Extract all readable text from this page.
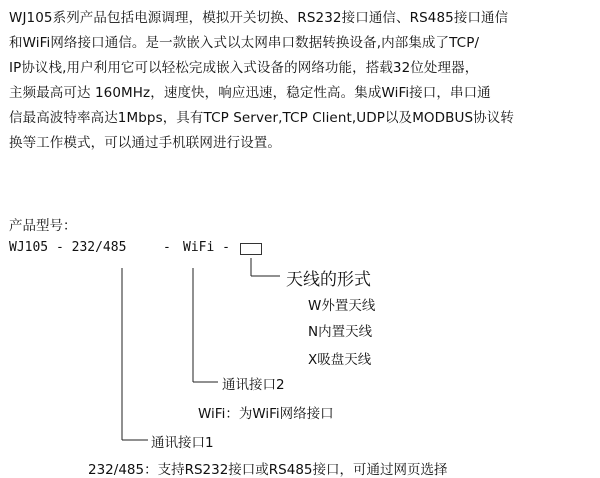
WJ105系列产品包括电源调理，模拟开关切换、RS232接口通信、RS485接口通信
和WiFi网络接口通信。是一款嵌入式以太网串口数据转换设备,内部集成了TCP/
IP协议栈,用户利用它可以轻松完成嵌入式设备的网络功能，搭载32位处理器，
主频最高可达 160MHz，速度快，响应迅速，稳定性高。集成WiFi接口，串口通
信最高波特率高达1Mbps，具有TCP Server,TCP Client,UDP以及MODBUS协议转
换等工作模式，可以通过手机联网进行设置。
产品型号：
WJ105 - 232/485	- WiFi -
天线的形式
W外置天线
N内置天线
X吸盘天线
通讯接口2
WiFi：为WiFi网络接口
通讯接口1
232/485：支持RS232接口或RS485接口，可通过网页选择
